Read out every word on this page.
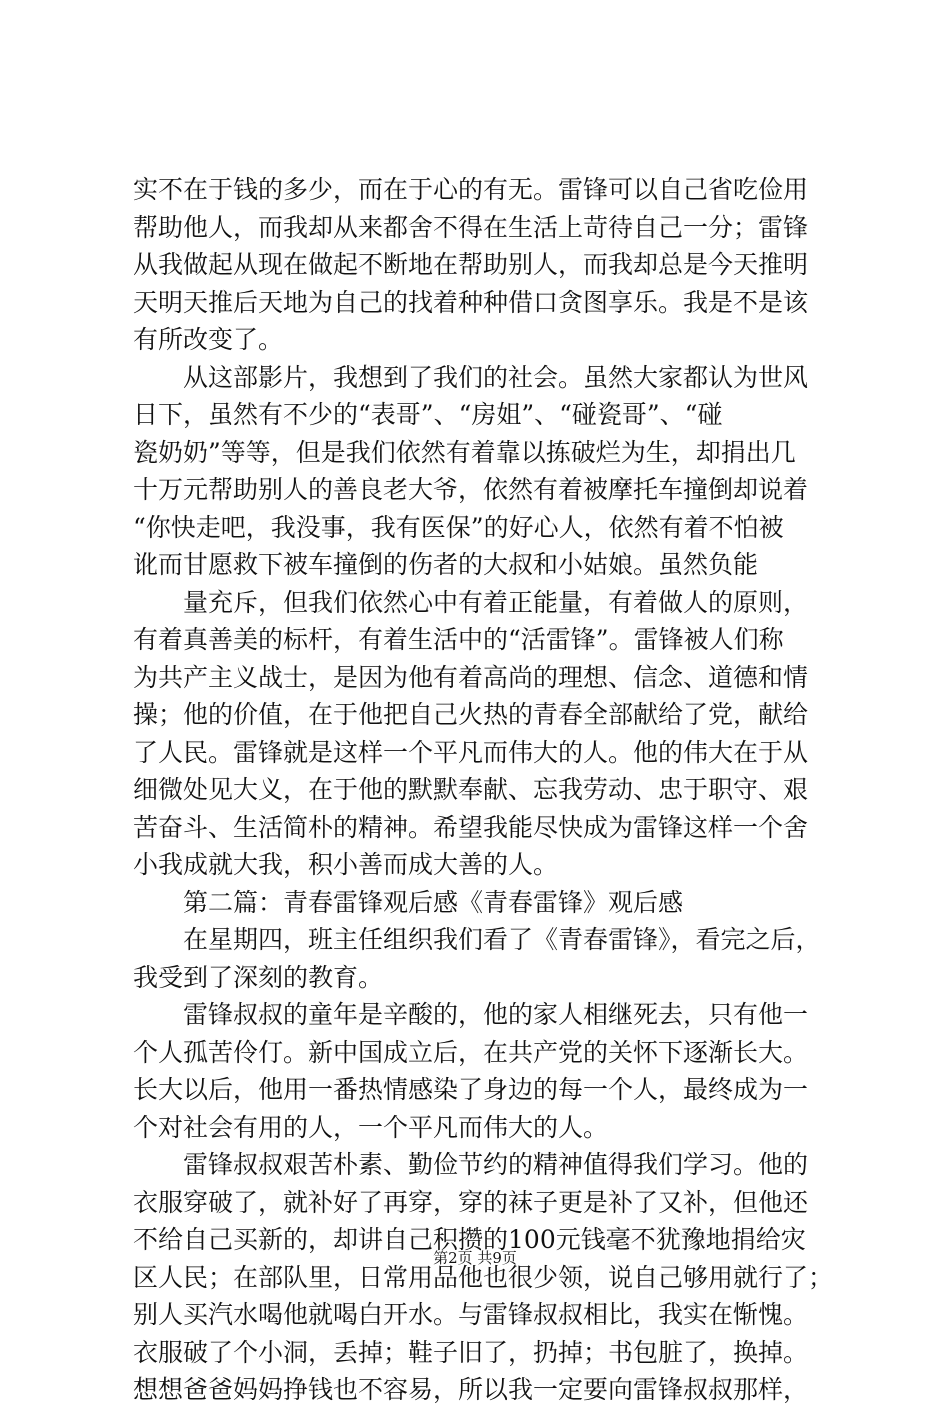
实不在于钱的多少，而在于心的有无。雷锋可以自己省吃俭用
帮助他人，而我却从来都舍不得在生活上苛待自己一分；雷锋
从我做起从现在做起不断地在帮助别人，而我却总是今天推明
天明天推后天地为自己的找着种种借口贪图享乐。我是不是该
有所改变了。
从这部影片，我想到了我们的社会。虽然大家都认为世风
日下，虽然有不少的“表哥”、“房姐”、“碰瓷哥”、“碰
瓷奶奶”等等，但是我们依然有着靠以拣破烂为生，却捐出几
十万元帮助别人的善良老大爷，依然有着被摩托车撞倒却说着
“你快走吧，我没事，我有医保”的好心人，依然有着不怕被
讹而甘愿救下被车撞倒的伤者的大叔和小姑娘。虽然负能
量充斥，但我们依然心中有着正能量，有着做人的原则，
有着真善美的标杆，有着生活中的“活雷锋”。雷锋被人们称
为共产主义战士，是因为他有着高尚的理想、信念、道德和情
操；他的价值，在于他把自己火热的青春全部献给了党，献给
了人民。雷锋就是这样一个平凡而伟大的人。他的伟大在于从
细微处见大义，在于他的默默奉献、忘我劳动、忠于职守、艰
苦奋斗、生活简朴的精神。希望我能尽快成为雷锋这样一个舍
小我成就大我，积小善而成大善的人。
第二篇：青春雷锋观后感《青春雷锋》观后感
在星期四，班主任组织我们看了《青春雷锋》，看完之后，
我受到了深刻的教育。
雷锋叔叔的童年是辛酸的，他的家人相继死去，只有他一
个人孤苦伶仃。新中国成立后，在共产党的关怀下逐渐长大。
长大以后，他用一番热情感染了身边的每一个人，最终成为一
个对社会有用的人，一个平凡而伟大的人。
雷锋叔叔艰苦朴素、勤俭节约的精神值得我们学习。他的
衣服穿破了，就补好了再穿，穿的袜子更是补了又补，但他还
不给自己买新的，却讲自己积攒的100元钱毫不犹豫地捐给灾
区人民；在部队里，日常用品他也很少领，说自己够用就行了；
别人买汽水喝他就喝白开水。与雷锋叔叔相比，我实在惭愧。
衣服破了个小洞，丢掉；鞋子旧了，扔掉；书包脏了，换掉。
想想爸爸妈妈挣钱也不容易，所以我一定要向雷锋叔叔那样，
第2页 共9页
